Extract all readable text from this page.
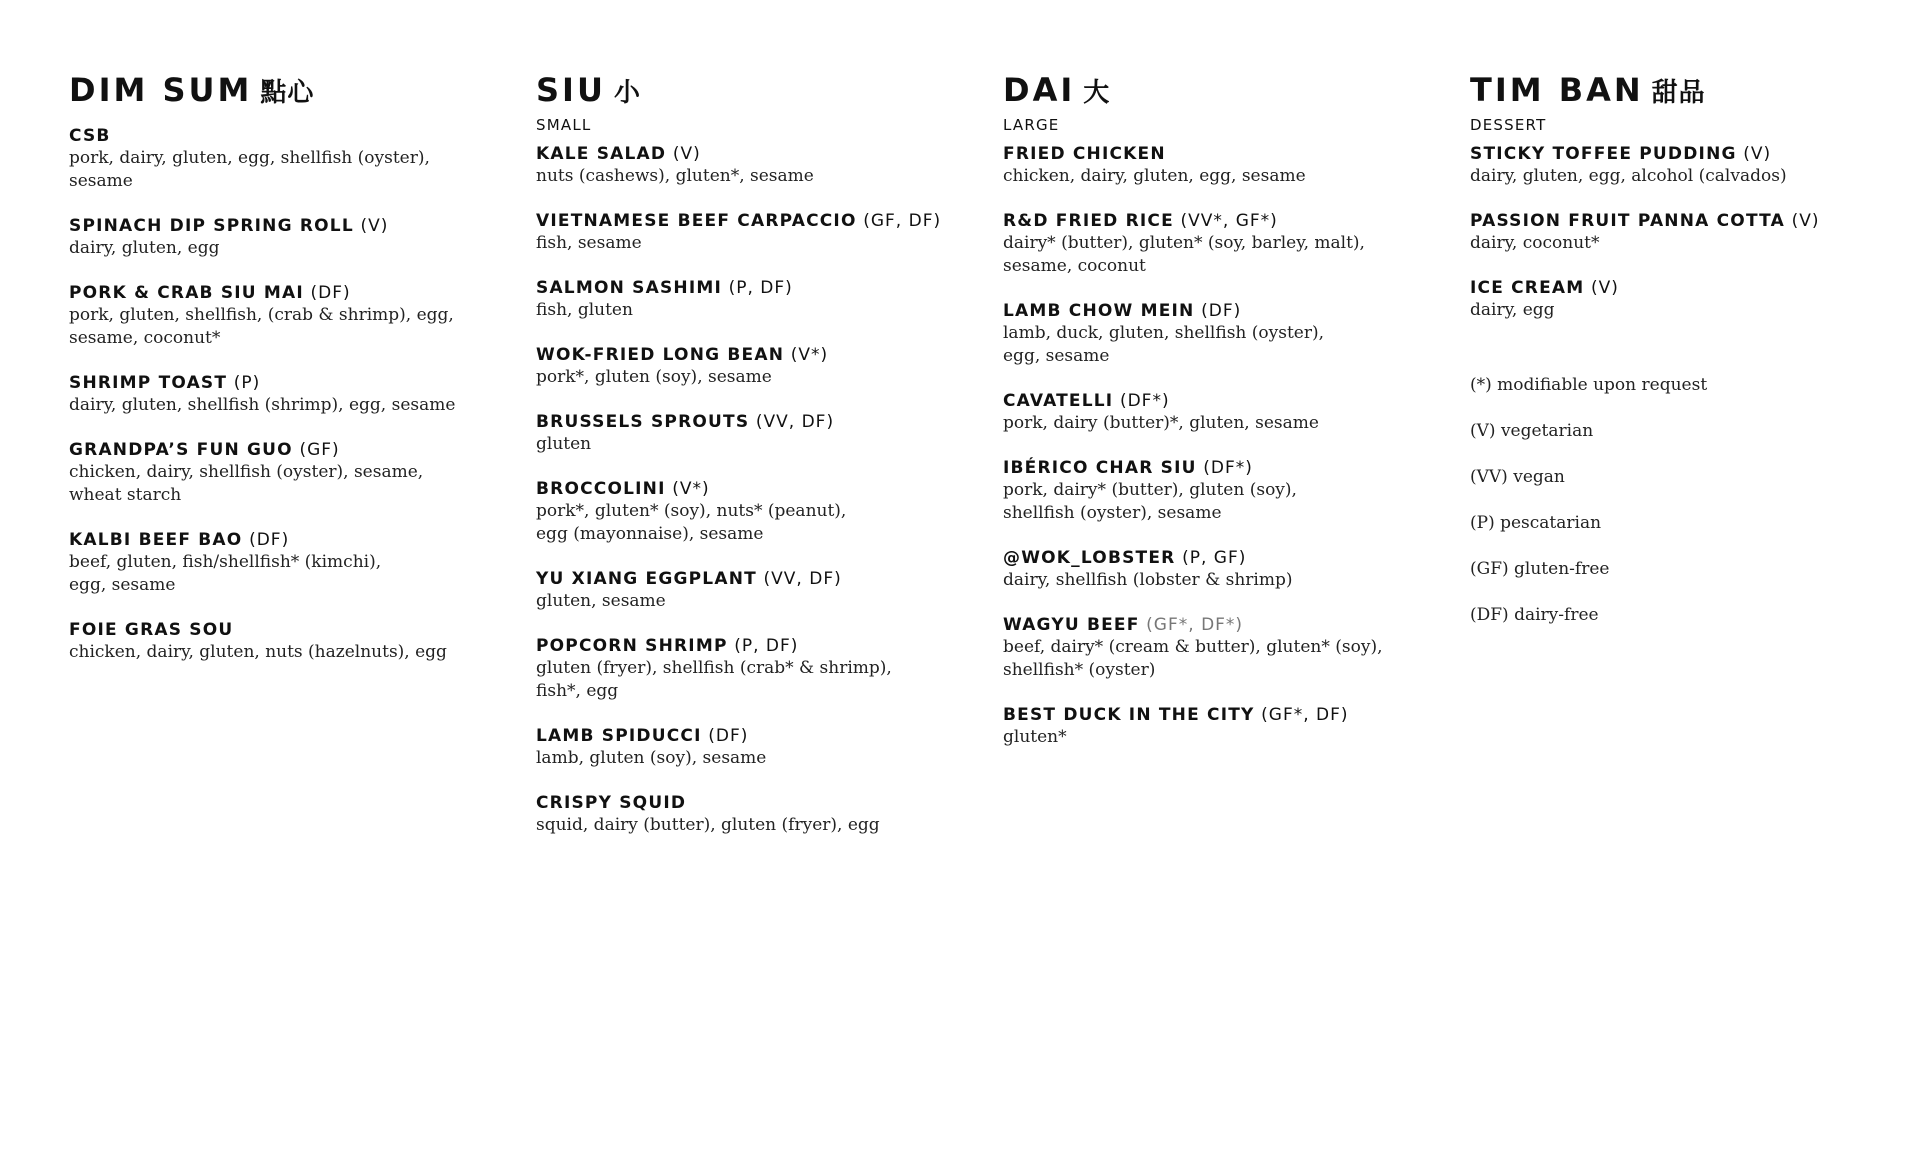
DIM SUM 點心
CSB
pork, dairy, gluten, egg, shellfish (oyster),
sesame
SPINACH DIP SPRING ROLL (V)
dairy, gluten, egg
PORK & CRAB SIU MAI (DF)
pork, gluten, shellfish, (crab & shrimp), egg,
sesame, coconut*
SHRIMP TOAST (P)
dairy, gluten, shellfish (shrimp), egg, sesame
GRANDPA’S FUN GUO (GF)
chicken, dairy, shellfish (oyster), sesame,
wheat starch
KALBI BEEF BAO (DF)
beef, gluten, fish/shellfish* (kimchi),
egg, sesame
FOIE GRAS SOU
chicken, dairy, gluten, nuts (hazelnuts), egg
SIU 小
SMALL
KALE SALAD (V)
nuts (cashews), gluten*, sesame
VIETNAMESE BEEF CARPACCIO (GF, DF)
fish, sesame
SALMON SASHIMI (P, DF)
fish, gluten
WOK-FRIED LONG BEAN (V*)
pork*, gluten (soy), sesame
BRUSSELS SPROUTS (VV, DF)
gluten
BROCCOLINI (V*)
pork*, gluten* (soy), nuts* (peanut),
egg (mayonnaise), sesame
YU XIANG EGGPLANT (VV, DF)
gluten, sesame
POPCORN SHRIMP (P, DF)
gluten (fryer), shellfish (crab* & shrimp),
fish*, egg
LAMB SPIDUCCI (DF)
lamb, gluten (soy), sesame
CRISPY SQUID
squid, dairy (butter), gluten (fryer), egg
DAI 大
LARGE
FRIED CHICKEN
chicken, dairy, gluten, egg, sesame
R&D FRIED RICE (VV*, GF*)
dairy* (butter), gluten* (soy, barley, malt),
sesame, coconut
LAMB CHOW MEIN (DF)
lamb, duck, gluten, shellfish (oyster),
egg, sesame
CAVATELLI (DF*)
pork, dairy (butter)*, gluten, sesame
IBÉRICO CHAR SIU (DF*)
pork, dairy* (butter), gluten (soy),
shellfish (oyster), sesame
@WOK_LOBSTER (P, GF)
dairy, shellfish (lobster & shrimp)
WAGYU BEEF (GF*, DF*)
beef, dairy* (cream & butter), gluten* (soy),
shellfish* (oyster)
BEST DUCK IN THE CITY (GF*, DF)
gluten*
TIM BAN 甜品
DESSERT
STICKY TOFFEE PUDDING (V)
dairy, gluten, egg, alcohol (calvados)
PASSION FRUIT PANNA COTTA (V)
dairy, coconut*
ICE CREAM (V)
dairy, egg
(*) modifiable upon request
(V) vegetarian
(VV) vegan
(P) pescatarian
(GF) gluten-free
(DF) dairy-free
